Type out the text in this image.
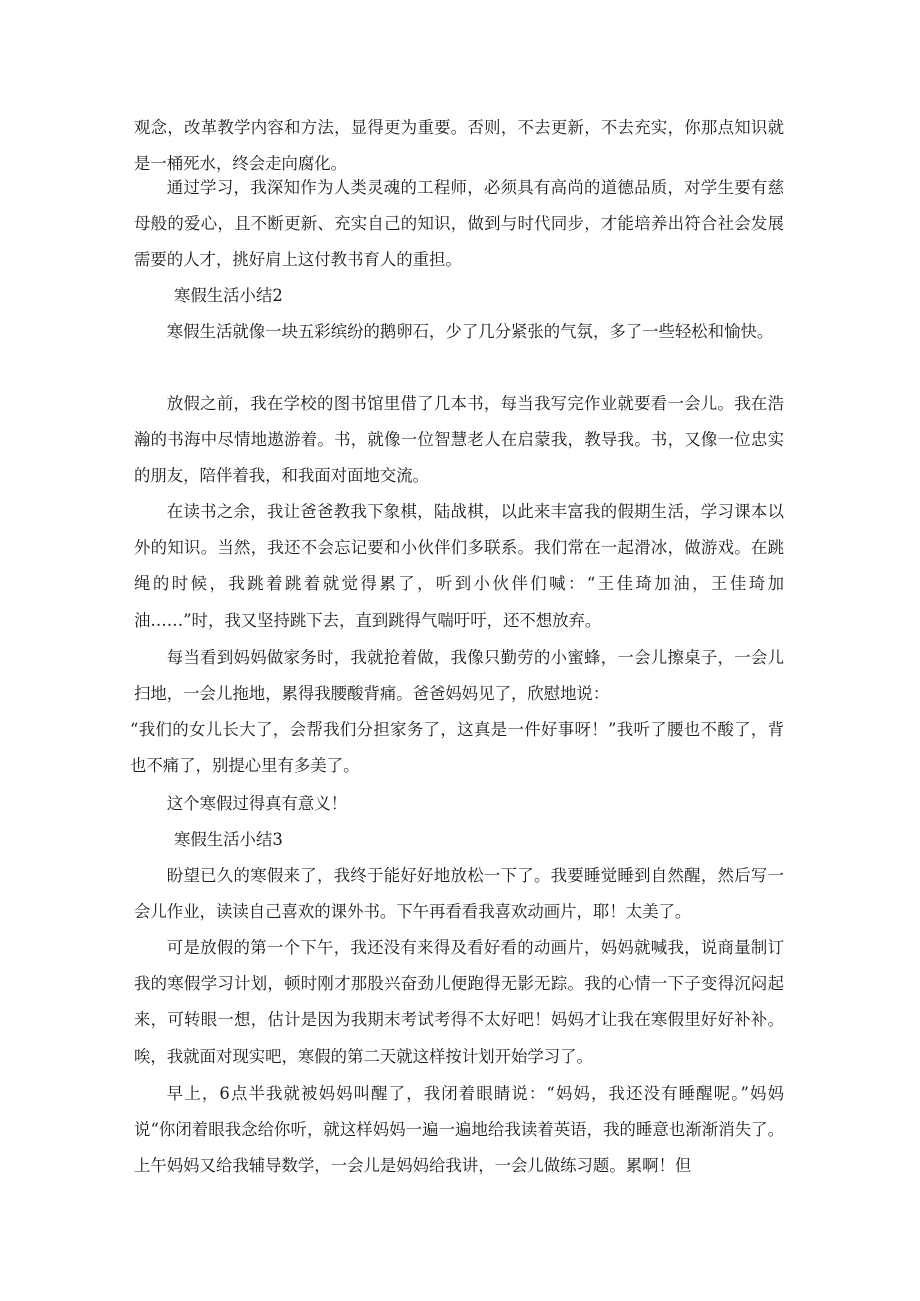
观念，改革教学内容和方法，显得更为重要。否则，不去更新，不去充实，你那点知识就是一桶死水，终会走向腐化。
通过学习，我深知作为人类灵魂的工程师，必须具有高尚的道德品质，对学生要有慈母般的爱心，且不断更新、充实自己的知识，做到与时代同步，才能培养出符合社会发展需要的人才，挑好肩上这付教书育人的重担。
寒假生活小结2
寒假生活就像一块五彩缤纷的鹅卵石，少了几分紧张的气氛，多了一些轻松和愉快。
放假之前，我在学校的图书馆里借了几本书，每当我写完作业就要看一会儿。我在浩瀚的书海中尽情地遨游着。书，就像一位智慧老人在启蒙我，教导我。书，又像一位忠实的朋友，陪伴着我，和我面对面地交流。
在读书之余，我让爸爸教我下象棋，陆战棋，以此来丰富我的假期生活，学习课本以外的知识。当然，我还不会忘记要和小伙伴们多联系。我们常在一起滑冰，做游戏。在跳绳的时候，我跳着跳着就觉得累了，听到小伙伴们喊：“王佳琦加油，王佳琦加油……”时，我又坚持跳下去，直到跳得气喘吁吁，还不想放弃。
每当看到妈妈做家务时，我就抢着做，我像只勤劳的小蜜蜂，一会儿擦桌子，一会儿扫地，一会儿拖地，累得我腰酸背痛。爸爸妈妈见了，欣慰地说：
“我们的女儿长大了，会帮我们分担家务了，这真是一件好事呀！”我听了腰也不酸了，背也不痛了，别提心里有多美了。
这个寒假过得真有意义！
寒假生活小结3
盼望已久的寒假来了，我终于能好好地放松一下了。我要睡觉睡到自然醒，然后写一会儿作业，读读自己喜欢的课外书。下午再看看我喜欢动画片，耶！太美了。
可是放假的第一个下午，我还没有来得及看好看的动画片，妈妈就喊我，说商量制订我的寒假学习计划，顿时刚才那股兴奋劲儿便跑得无影无踪。我的心情一下子变得沉闷起来，可转眼一想，估计是因为我期末考试考得不太好吧！妈妈才让我在寒假里好好补补。唉，我就面对现实吧，寒假的第二天就这样按计划开始学习了。
早上，6点半我就被妈妈叫醒了，我闭着眼睛说：“妈妈，我还没有睡醒呢。”妈妈说“你闭着眼我念给你听，就这样妈妈一遍一遍地给我读着英语，我的睡意也渐渐消失了。上午妈妈又给我辅导数学，一会儿是妈妈给我讲，一会儿做练习题。累啊！但
